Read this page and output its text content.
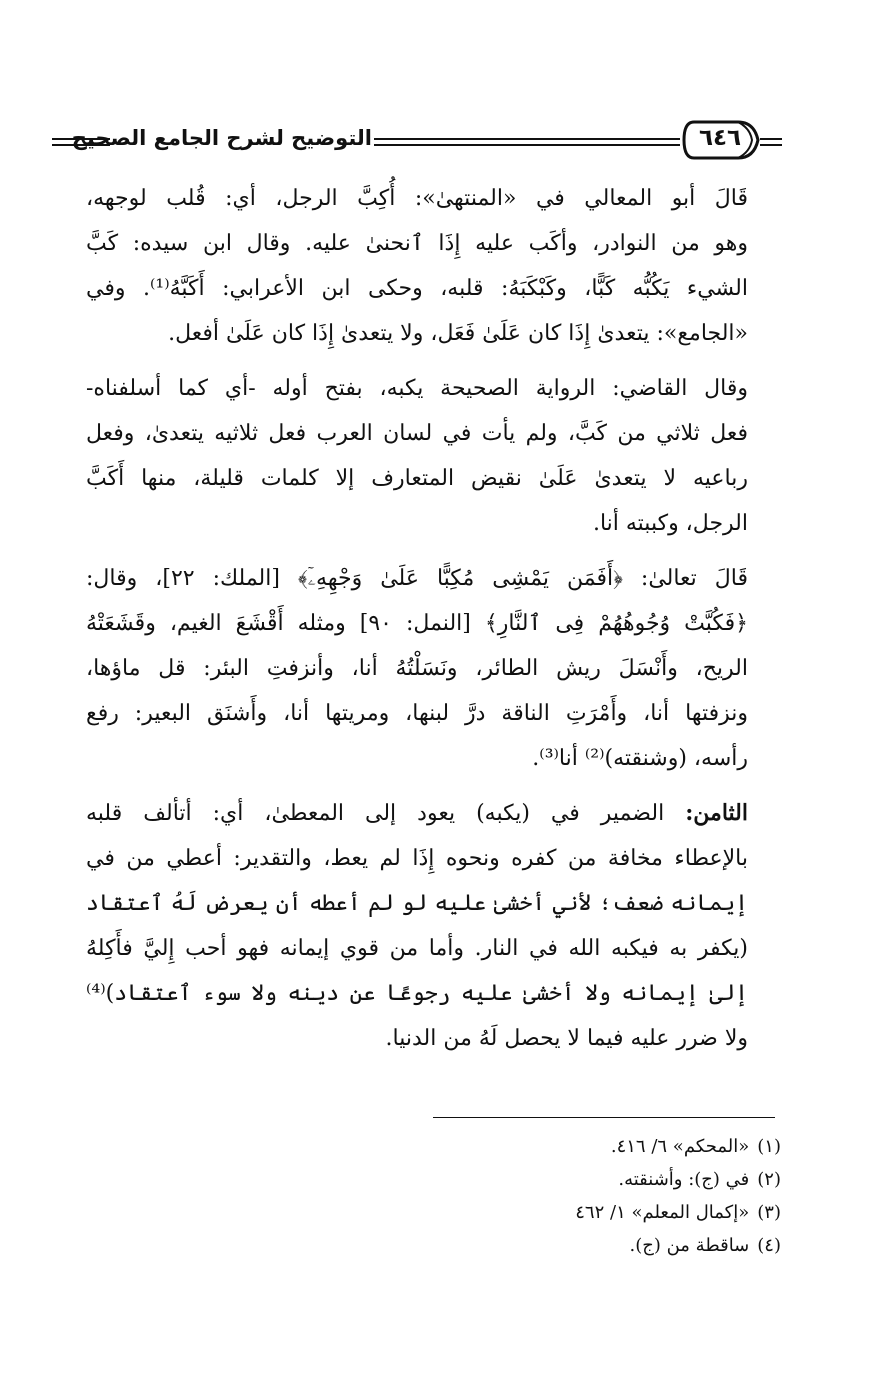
التوضيح لشرح الجامع الصحيح	٦٤٦

قَالَ أبو المعالي في «المنتهىٰ»: أُكِبَّ الرجل، أي: قُلب لوجهه،
وهو من النوادر، وأكَب عليه إِذَا ٱنحنىٰ عليه. وقال ابن سيده: كَبَّ
الشيء يَكُبُّه كَبًّا، وكَبْكَبَهُ: قلبه، وحكى ابن الأعرابي: أَكَبَّهُ⁽¹⁾. وفي
«الجامع»: يتعدىٰ إِذَا كان عَلَىٰ فَعَل، ولا يتعدىٰ إِذَا كان عَلَىٰ أفعل.

وقال القاضي: الرواية الصحيحة يكبه، بفتح أوله -أي كما أسلفناه-
فعل ثلاثي من كَبَّ، ولم يأت في لسان العرب فعل ثلاثيه يتعدىٰ، وفعل
رباعيه لا يتعدىٰ عَلَىٰ نقيض المتعارف إلا كلمات قليلة، منها أَكَبَّ
الرجل، وكببته أنا.

قَالَ تعالىٰ: ﴿أَفَمَن يَمْشِى مُكِبًّا عَلَىٰ وَجْهِهِۦٓ﴾ [الملك: ٢٢]، وقال:
﴿فَكُبَّتْ وُجُوهُهُمْ فِى ٱلنَّارِ﴾ [النمل: ٩٠] ومثله أَقْشَعَ الغيم، وقَشَعَتْهُ
الريح، وأَنْسَلَ ريش الطائر، ونَسَلْتُهُ أنا، وأنزفتِ البئر: قل ماؤها،
ونزفتها أنا، وأَمْرَتِ الناقة درَّ لبنها، ومريتها أنا، وأَشنَق البعير: رفع
رأسه، (وشنقته)⁽²⁾ أنا⁽³⁾.

الثامن: الضمير في (يكبه) يعود إلى المعطىٰ، أي: أتألف قلبه
بالإعطاء مخافة من كفره ونحوه إِذَا لم يعط، والتقدير: أعطي من في
إيمانه ضعف؛ لأني أخشىٰ عليه لو لم أعطه أن يعرض لَهُ ٱعتقاد
(يكفر به فيكبه الله في النار. وأما من قوي إيمانه فهو أحب إِليَّ فأَكِلهُ
إلىٰ إيمانه ولا أخشىٰ عليه رجوعًا عن دينه ولا سوء ٱعتقاد)⁽⁴⁾
ولا ضرر عليه فيما لا يحصل لَهُ من الدنيا.

(١)«المحكم» ٦/ ٤١٦.
(٢)في (ج): وأشنقته.
(٣)«إكمال المعلم» ١/ ٤٦٢
(٤)ساقطة من (ج).
